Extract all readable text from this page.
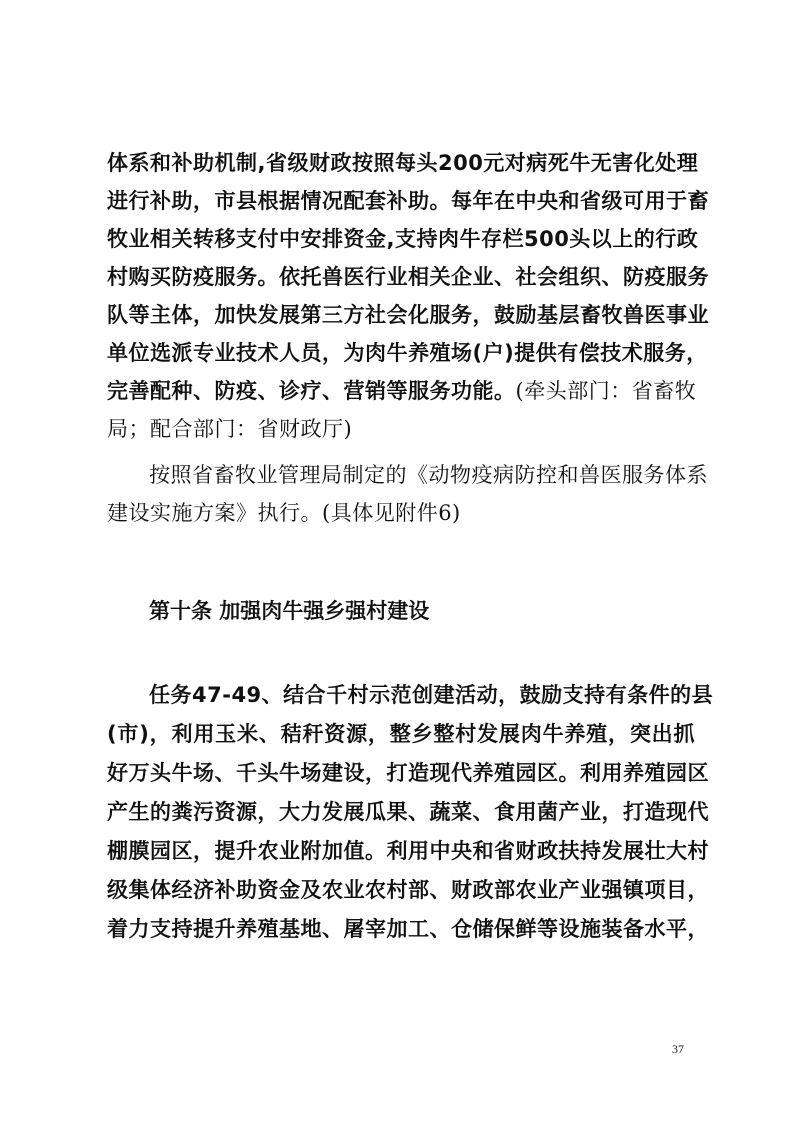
体系和补助机制,省级财政按照每头200元对病死牛无害化处理
进行补助，市县根据情况配套补助。每年在中央和省级可用于畜
牧业相关转移支付中安排资金,支持肉牛存栏500头以上的行政
村购买防疫服务。依托兽医行业相关企业、社会组织、防疫服务
队等主体，加快发展第三方社会化服务，鼓励基层畜牧兽医事业
单位选派专业技术人员，为肉牛养殖场(户)提供有偿技术服务，
完善配种、防疫、诊疗、营销等服务功能。(牵头部门：省畜牧
局；配合部门：省财政厅)
按照省畜牧业管理局制定的《动物疫病防控和兽医服务体系
建设实施方案》执行。(具体见附件6)
第十条 加强肉牛强乡强村建设
任务47-49、结合千村示范创建活动，鼓励支持有条件的县
(市)，利用玉米、秸秆资源，整乡整村发展肉牛养殖，突出抓
好万头牛场、千头牛场建设，打造现代养殖园区。利用养殖园区
产生的粪污资源，大力发展瓜果、蔬菜、食用菌产业，打造现代
棚膜园区，提升农业附加值。利用中央和省财政扶持发展壮大村
级集体经济补助资金及农业农村部、财政部农业产业强镇项目，
着力支持提升养殖基地、屠宰加工、仓储保鲜等设施装备水平，
37
